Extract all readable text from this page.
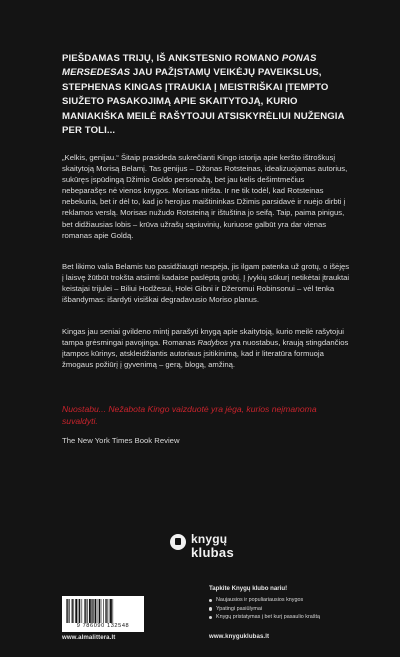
PIEŠDAMAS TRIJŲ, IŠ ANKSTESNIO ROMANO PONAS MERSEDESAS JAU PAŽĮSTAMŲ VEIKĖJŲ PAVEIKSLUS, STEPHENAS KINGAS ĮTRAUKIA Į MEISTRIŠKAI ĮTEMPTO SIUŽETO PASAKOJIMĄ APIE SKAITYTOJĄ, KURIO MANIAKIŠKA MEILĖ RAŠYTOJUI ATSISKYRĖLIUI NUŽENGIA PER TOLI...

„Kelkis, genijau.“ Šitaip prasideda sukrečianti Kingo istorija apie keršto ištroškusį skaitytoją Morisą Belamį. Tas genijus – Džonas Rotsteinas, idealizuojamas autorius, sukūręs įspūdingą Džimio Goldo personažą, bet jau kelis dešimtmečius nebeparašęs nė vienos knygos. Morisas niršta. Ir ne tik todėl, kad Rotsteinas nebekuria, bet ir dėl to, kad jo herojus maištininkas Džimis parsidavė ir nuėjo dirbti į reklamos verslą. Morisas nužudo Rotsteiną ir ištuština jo seifą. Taip, paima pinigus, bet didžiausias lobis – krūva užrašų sąsiuvinių, kuriuose galbūt yra dar vienas romanas apie Goldą.

Bet likimo valia Belamis tuo pasidžiaugti nespėja, jis ilgam patenka už grotų, o išėjęs į laisvę žūtbūt trokšta atsiimti kadaise paslėptą grobį. Į įvykių sūkurį netikėtai įtrauktai keistajai trijulei – Biliui Hodžesui, Holei Gibni ir Džeromui Robinsonui – vėl tenka išbandymas: išardyti visiškai degradavusio Moriso planus.

Kingas jau seniai gvildeno mintį parašyti knygą apie skaitytoją, kurio meilė rašytojui tampa grėsmingai pavojinga. Romanas Radybos yra nuostabus, kraują stingdančios įtampos kūrinys, atskleidžiantis autoriaus įsitikinimą, kad ir literatūra formuoja žmogaus požiūrį į gyvenimą – gerą, blogą, amžiną.

Nuostabu... Nežabota Kingo vaizduotė yra jėga, kurios neįmanoma suvaldyti.

The New York Times Book Review

knygų
klubas
9 786090 132548
www.almalittera.lt

Tapkite Knygų klubo nariu!

Naujausios ir populiariausios knygos
Ypatingi pasiūlymai
Knygų pristatymas į bet kurį pasaulio kraštą
www.knyguklubas.lt
